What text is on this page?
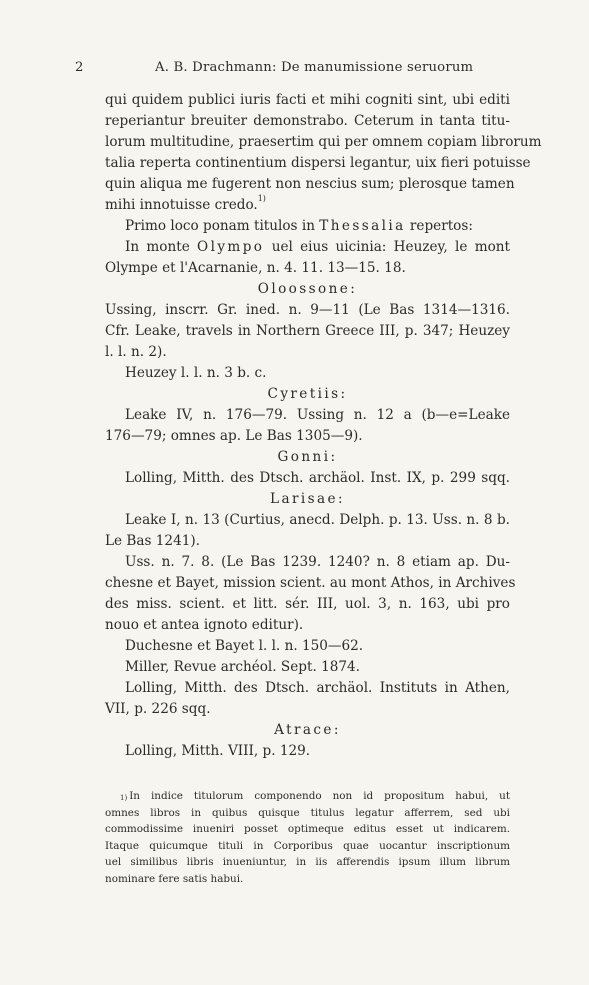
2	A. B. Drachmann: De manumissione seruorum
qui quidem publici iuris facti et mihi cogniti sint, ubi editi
reperiantur breuiter demonstrabo. Ceterum in tanta titu-
lorum multitudine, praesertim qui per omnem copiam librorum
talia reperta continentium dispersi legantur, uix fieri potuisse
quin aliqua me fugerent non nescius sum; plerosque tamen
mihi innotuisse credo.$^{1)}$
Primo loco ponam titulos in Thessalia repertos:
In monte Olympo uel eius uicinia: Heuzey, le mont
Olympe et l'Acarnanie, n. 4. 11. 13—15. 18.
Oloossone:
Ussing, inscrr. Gr. ined. n. 9—11 (Le Bas 1314—1316.
Cfr. Leake, travels in Northern Greece III, p. 347; Heuzey
l. l. n. 2).
Heuzey l. l. n. 3 b. c.
Cyretiis:
Leake IV, n. 176—79. Ussing n. 12 a (b—e=Leake
176—79; omnes ap. Le Bas 1305—9).
Gonni:
Lolling, Mitth. des Dtsch. archäol. Inst. IX, p. 299 sqq.
Larisae:
Leake I, n. 13 (Curtius, anecd. Delph. p. 13. Uss. n. 8 b.
Le Bas 1241).
Uss. n. 7. 8. (Le Bas 1239. 1240? n. 8 etiam ap. Du-
chesne et Bayet, mission scient. au mont Athos, in Archives
des miss. scient. et litt. sér. III, uol. 3, n. 163, ubi pro
nouo et antea ignoto editur).
Duchesne et Bayet l. l. n. 150—62.
Miller, Revue archéol. Sept. 1874.
Lolling, Mitth. des Dtsch. archäol. Instituts in Athen,
VII, p. 226 sqq.
Atrace:
Lolling, Mitth. VIII, p. 129.
$^{1)}$ In indice titulorum componendo non id propositum habui, ut
omnes libros in quibus quisque titulus legatur afferrem, sed ubi
commodissime inueniri posset optimeque editus esset ut indicarem.
Itaque quicumque tituli in Corporibus quae uocantur inscriptionum
uel similibus libris inueniuntur, in iis afferendis ipsum illum librum
nominare fere satis habui.
